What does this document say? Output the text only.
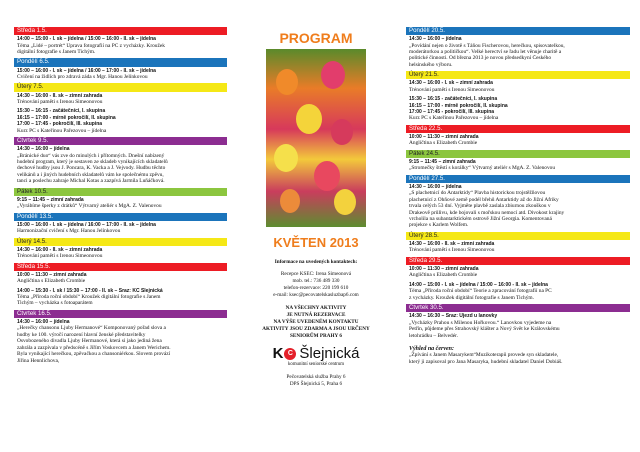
Středa 1.5.
14:00 – 15:00 - I. sk – jídelna / 15:00 – 16:00 - II. sk – jídelna
Téma „Lidé – portrét“ Úprava fotografií na PC z vycházky. Kroužek
digitální fotografie s Janem Tichým.
Pondělí 6.5.
15:00 – 16:00 - I. sk – jídelna / 16:00 – 17:00 - II. sk – jídelna
Cvičení na židlích pro zdravá záda s Mgr. Hanou Jelínkovou
Úterý 7.5.
14:30 – 16:00 - II. sk – zimní zahrada
Trénování paměti s Irenou Simeonovou
15:30 – 16:15 - začátečníci, I. skupina
16:15 – 17:00 - mírně pokročilí, II. skupina
17:00 – 17:45 - pokročilí, III. skupina
Kurz PC s Kateřinou Pařezovou – jídelna
Čtvrtek 9.5.
14:30 – 16:00 – jídelna
„Bránické duo“ vás zve do minulých i přítomných. Dnešní nabízený
hudební program, který je sestaven ze skladeb vynikajících skladatelů
dechové hudby jsou J. Poncara, K. Vacka a J. Vejvody. Hudbu těchto
velikánů a i jiných hudebních skladatelů vám ke společnému zpěvu,
tanci a poslechu zahraje Michal Kotas a zazpívá Jarmila Luňáčková.
Pátek 10.5.
9:15 – 11:45 – zimní zahrada
„Vyrábíme šperky z drátků“ Výtvarný ateliér s MgA. Z. Valenovou
Pondělí 13.5.
15:00 – 16:00 - I. sk – jídelna / 16:00 – 17:00 - II. sk – jídelna
Harmonizační cvičení s Mgr. Hanou Jelínkovou
Úterý 14.5.
14:30 – 16:00 - II. sk – zimní zahrada
Trénování paměti s Irenou Simeonovou
Středa 15.5.
10:00 – 11:30 – zimní zahrada
Angličtina s Elizabeth Crombie
14:00 – 15:30 - I. sk / 15:30 – 17:00 - II. sk – Sraz: KC Šlejnická
Téma „Příroda roční období“ Kroužek digitální fotografie s Janem
Tichým – vycházka s fotoaparátem
Čtvrtek 16.5.
14:30 – 16:00 – jídelna
„Herečky chansonu Ljuby Hermanové“ Komponovaný pořad slova a
hudby ke 100. výročí narození hlavní ženské představitelky
Osvobozeného divadla Ljuby Hermanové, která si jako jediná žena
zahrála a zazpívala v předscéně s Jiřím Voskovcem a Janem Werichem.
Byla vynikající herečkou, zpěvačkou a chansoniérkou. Slovem provází
Jiřina Hennlichova,
PROGRAM
KVĚTEN 2013
Informace na uvedených kontaktech:
Recepce KSEC: Irena Simeonová
mob. tel.: 736 489 330
telefon-rezervace: 220 199 610
e-mail: ksec@pecovatelskasluzbap6.com
NA VŠECHNY AKTIVITY
JE NUTNÁ REZERVACE
NA VÝŠE UVEDENÉM KONTAKTU
AKTIVITY JSOU ZDARMA A JSOU URČENY
SENIORŮM PRAHY 6
K C Šlejnická
komunitní seniorské centrum
Pečovatelská služba Prahy 6
DPS Šlejnická 5, Praha 6
Pondělí 20.5.
14:30 – 16:00 – jídelna
„Povídání nejen o životě s Táňou Fischerovou, herečkou, spisovatelkou,
moderátorkou a političkou“. Velké herectví se řadu let věnuje charitě a
politické činnosti. Od března 2013 je novou předsedkyní Českého
helsinského výboru.
Úterý 21.5.
14:30 – 16:00 - I. sk – zimní zahrada
Trénování paměti s Irenou Simeonovou
15:30 – 16:15 - začátečníci, I. skupina
16:15 – 17:00 - mírně pokročilí, II. skupina
17:00 – 17:45 - pokročilí, III. skupina
Kurz PC s Kateřinou Pařezovou – jídelna
Středa 22.5.
10:00 – 11:30 – zimní zahrada
Angličtina s Elizabeth Crombie
Pátek 24.5.
9:15 – 11:45 – zimní zahrada
„Stromečky štěstí s korálky“ Výtvarný ateliér s MgA. Z. Valenovou
Pondělí 27.5.
14:30 – 16:00 – jídelna
„S plachetnicí do Antarktidy“ Plavba historickou trojstěžňovou
plachetnicí z Ohňové země podél břehů Antarktidy až do Jižní Afriky
trvala celých 53 dní. Vyjměte plavbě zaslala zbiurnou zkouškou v
Drakeově průlivu, kde bojovali s mořskou nemocí atd. Divokost krajiny
vrcholila na subantarktickém ostrově Jižní Georgia. Komentovaná
projekce s Karlem Wolfem.
Úterý 28.5.
14:30 – 16:00 - II. sk – zimní zahrada
Trénování paměti s Irenou Simeonovou
Středa 29.5.
10:00 – 11:30 – zimní zahrada
Angličtina s Elizabeth Crombie
14:00 – 15:00 - I. sk – jídelna / 15:00 – 16:00 - II. sk – jídelna
Téma „Příroda roční období“ Teorie a zpracování fotografií na PC
z vycházky. Kroužek digitální fotografie s Janem Tichým.
Čtvrtek 30.5.
14:30 – 16:30 – Sraz: Újezd u lanovky
„Vycházky Prahou s Milenou Hořkovou.“ Lanovkou vyjedeme na
Petřín, půjdeme přes Strahovský klášter a Nový Svět ke Královskému
letohrádku – Belvedér.
Výhled na červen:
„Zpívání s Janem Masarykem“Muzikoterapii provede syn skladatele,
který ji zapisoval pro Jana Masaryka, hudební skladatel Daniel Dobiáš.
